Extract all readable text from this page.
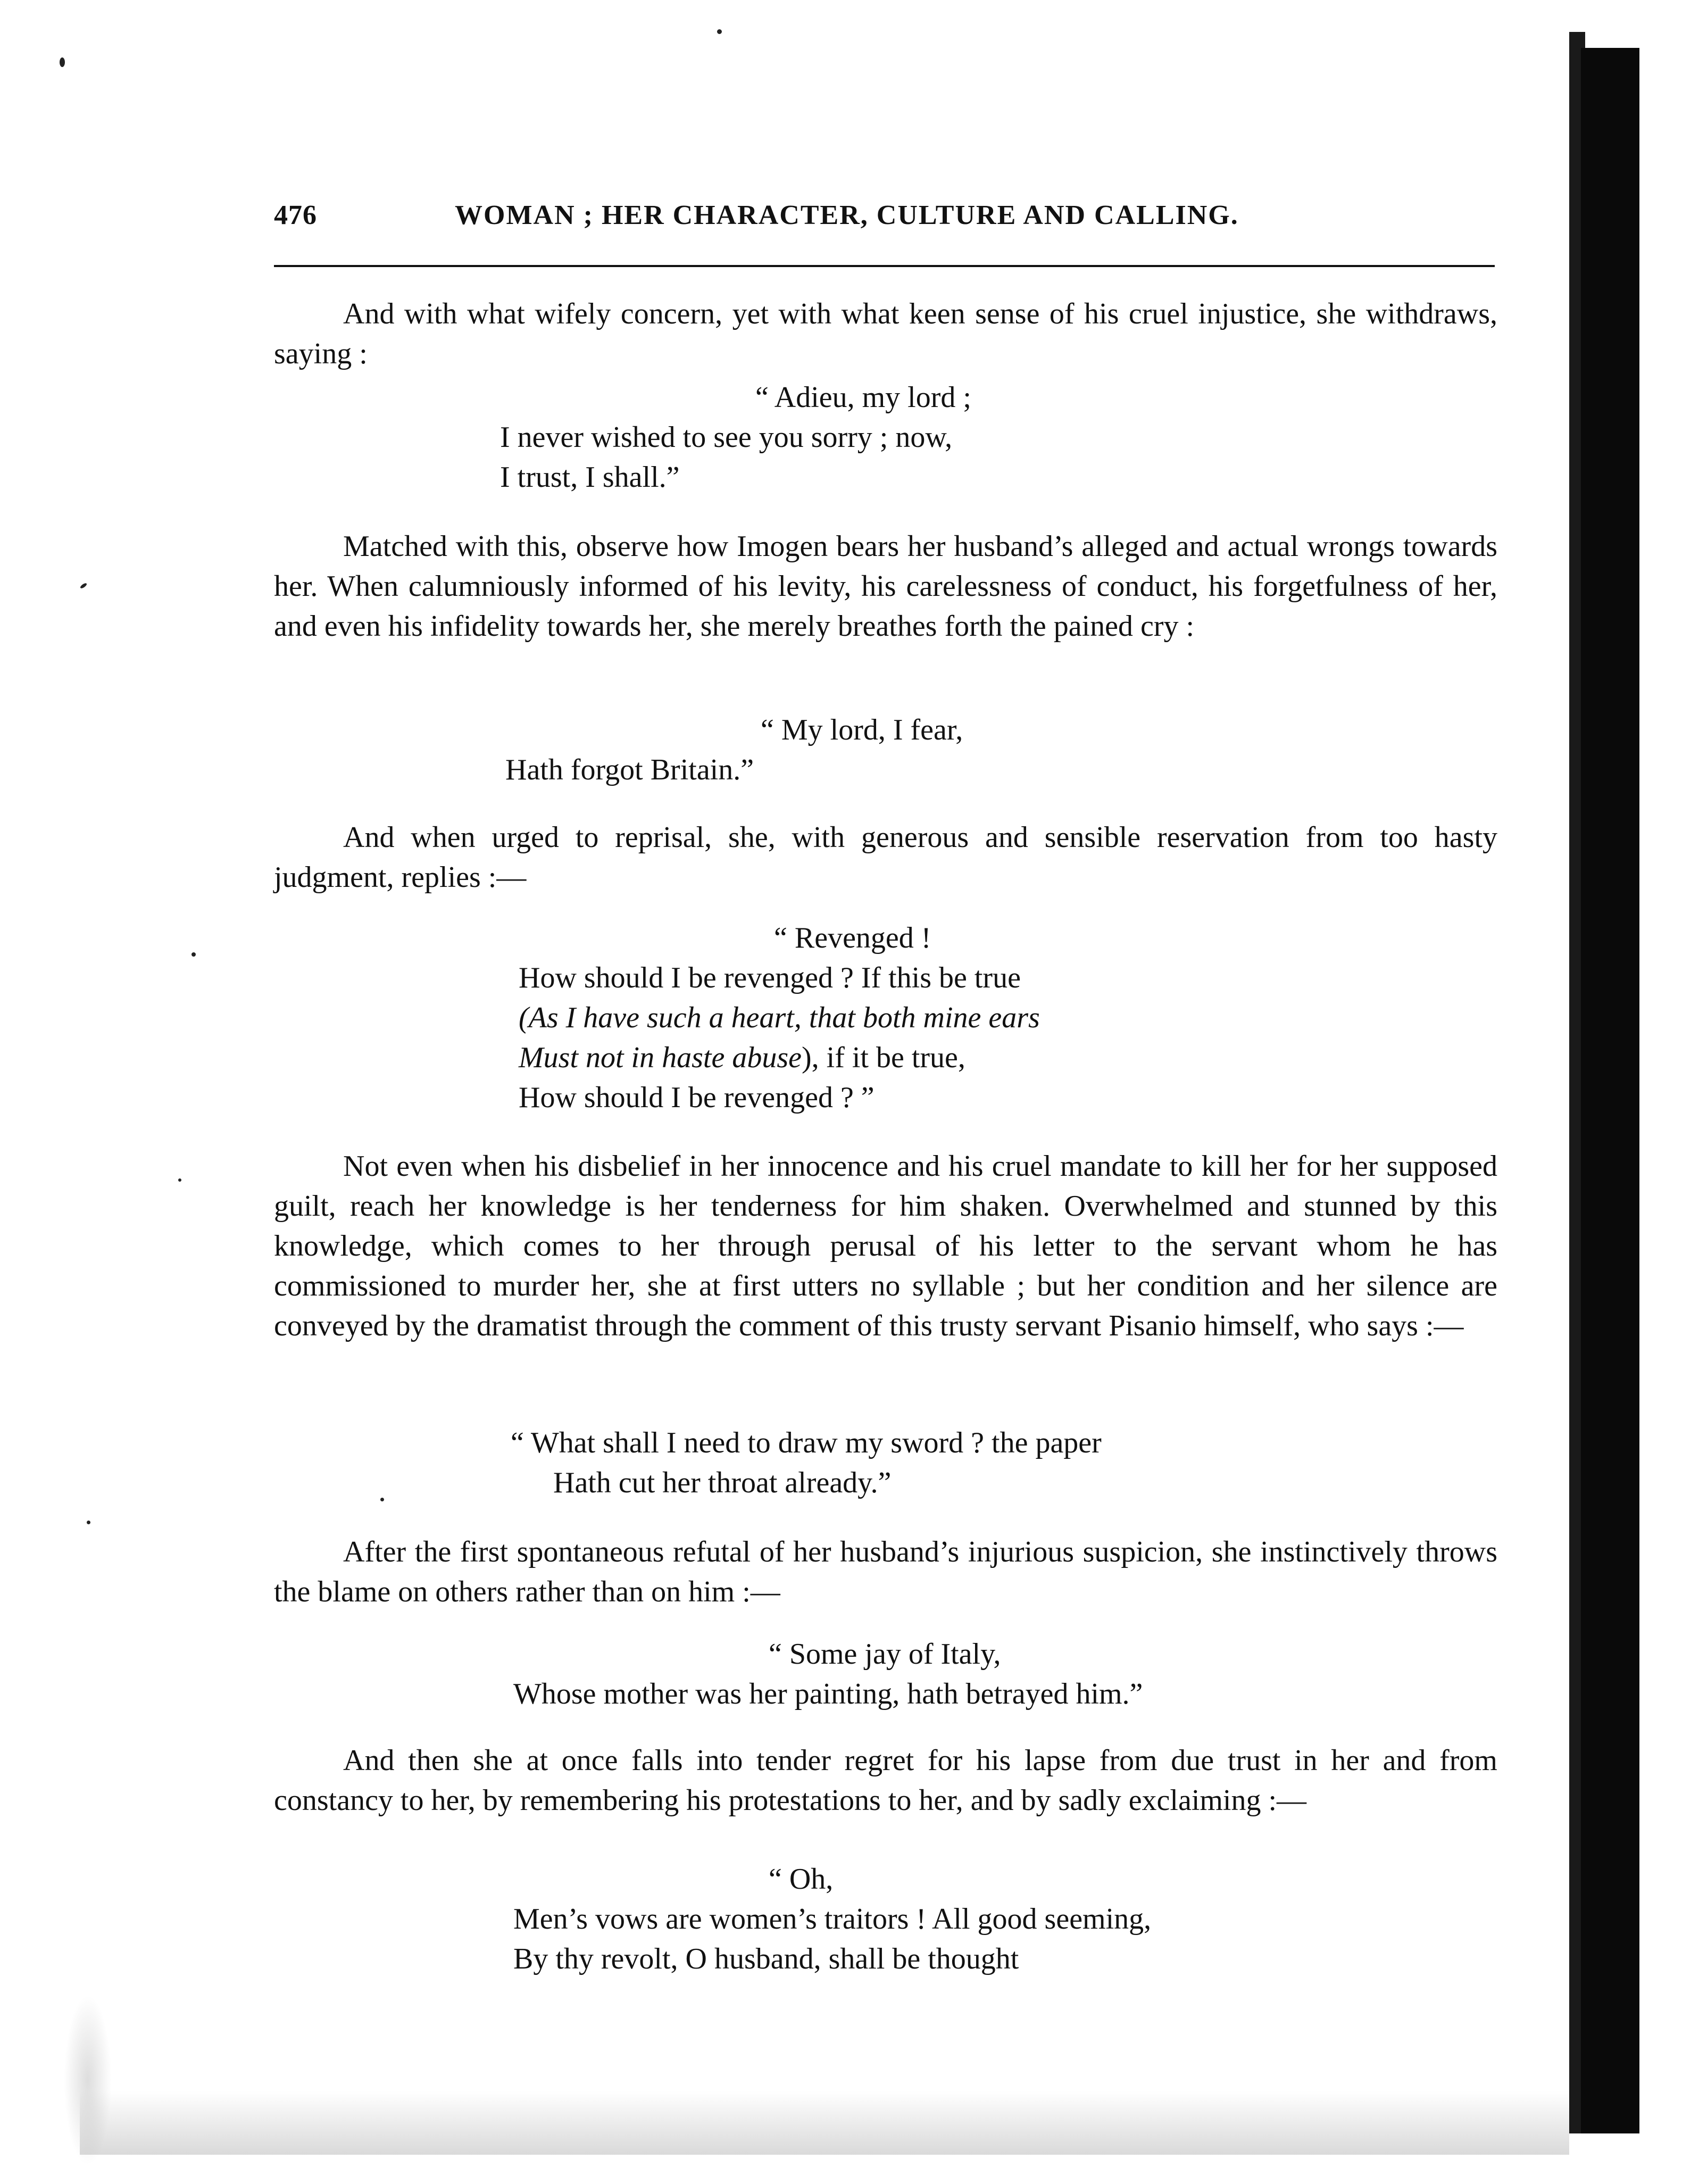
476	WOMAN ; HER CHARACTER, CULTURE AND CALLING.
And with what wifely concern, yet with what keen sense of his cruel injustice, she withdraws, saying :
“ Adieu, my lord ;
I never wished to see you sorry ; now,
I trust, I shall.”
Matched with this, observe how Imogen bears her husband’s alleged and actual wrongs towards her. When calumniously informed of his levity, his carelessness of conduct, his forgetfulness of her, and even his infidelity towards her, she merely breathes forth the pained cry :
“ My lord, I fear,
Hath forgot Britain.”
And when urged to reprisal, she, with generous and sensible reservation from too hasty judgment, replies :—
“ Revenged !
How should I be revenged ? If this be true
(As I have such a heart, that both mine ears
Must not in haste abuse), if it be true,
How should I be revenged ? ”
Not even when his disbelief in her innocence and his cruel mandate to kill her for her supposed guilt, reach her knowledge is her tenderness for him shaken. Overwhelmed and stunned by this knowledge, which comes to her through perusal of his letter to the servant whom he has commissioned to murder her, she at first utters no syllable ; but her condition and her silence are conveyed by the dramatist through the comment of this trusty servant Pisanio himself, who says :—
“ What shall I need to draw my sword ? the paper
Hath cut her throat already.”
After the first spontaneous refutal of her husband’s injurious suspicion, she instinctively throws the blame on others rather than on him :—
“ Some jay of Italy,
Whose mother was her painting, hath betrayed him.”
And then she at once falls into tender regret for his lapse from due trust in her and from constancy to her, by remembering his protestations to her, and by sadly exclaiming :—
“ Oh,
Men’s vows are women’s traitors ! All good seeming,
By thy revolt, O husband, shall be thought
